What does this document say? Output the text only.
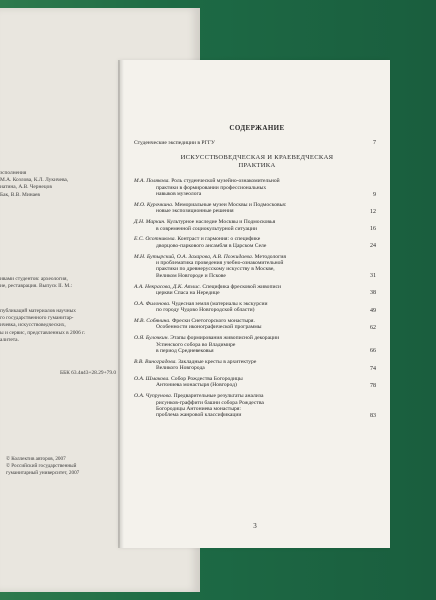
зсполнения
М.А. Козлова, К.Л. Лукичева,
иатина, А.В. Чернецов
Бак, В.В. Минаев
ивами студентов: археология,
ие, реставрация. Выпуск II. М.:
публикаций материалов научных
го государственного гуманитар-
ичевка, искусствоведческих,
ы и сервис, представленных в 2006 г.
алитета.
ББК 63.4я43+28.29+79.0
© Коллектив авторов, 2007
© Российский государственный
гуманитарный университет, 2007
СОДЕРЖАНИЕ
Студенческие экспедиции в РГГУ	7
ИСКУССТВОВЕДЧЕСКАЯ И КРАЕВЕДЧЕСКАЯ
ПРАКТИКА
М.А. Полякова. Роль студенческой музейно-ознакомительной
практики в формировании профессиональных
навыков музеолога	9
М.О. Курочкина. Мемориальные музеи Москвы и Подмосковья:
новые экспозиционные решения	12
Д.Н. Маркин. Культурное наследие Москвы и Подмосковья
в современной социокультурной ситуации	16
Е.С. Осотникова. Контраст и гармония: о специфике
дворцово-паркового ансамбля в Царском Селе	24
М.Н. Бутырский, О.А. Захарова, А.В. Пожидаева. Методология
и проблематика проведения учебно-ознакомительной
практики по древнерусскому искусству в Москве,
Великом Новгороде и Пскове	31
А.А. Некрасова, Д.К. Атлис. Специфика фресковой живописи
церкви Спаса на Нередице	38
О.А. Филонова. Чудесная земля (материалы к экскурсии
по городу Чудово Новгородской области)	49
М.В. Собянина. Фрески Снетогорского монастыря.
Особенности иконографической программы	62
О.Я. Булочкин. Этапы формирования живописной декорации
Успенского собора во Владимире
в период Средневековья	66
В.В. Виноградова. Закладные кресты в архитектуре
Великого Новгорода	74
О.А. Шмакова. Собор Рождества Богородицы
Антониева монастыря (Новгород)	78
О.А. Чупрунова. Предварительные результаты анализа
рисунков-граффити башни собора Рождества
Богородицы Антониева монастыря:
проблема жанровой классификации	83
3
